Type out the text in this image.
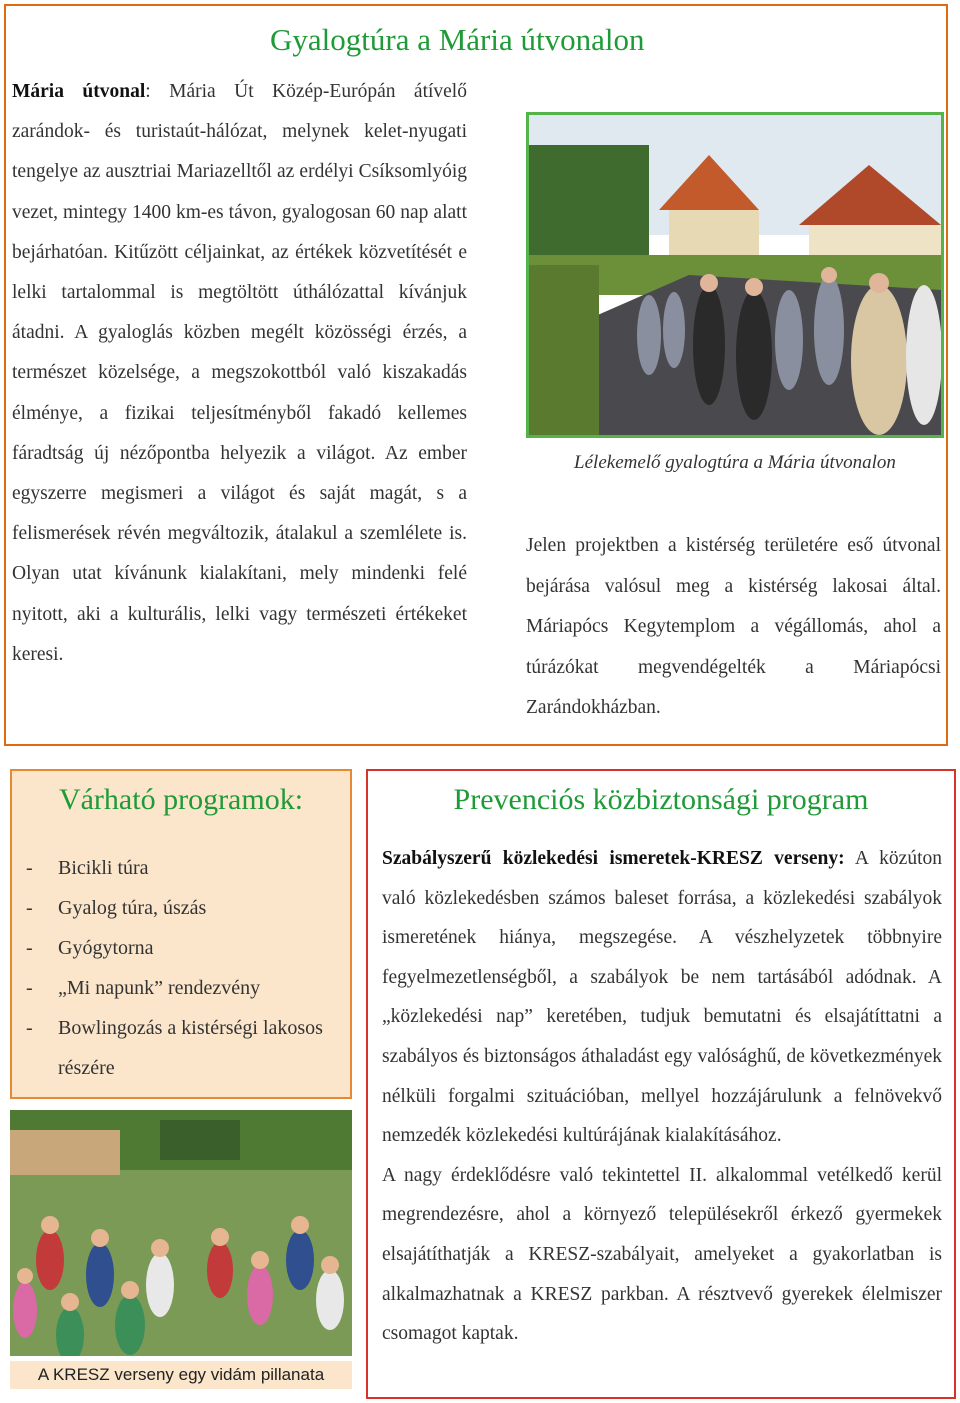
Gyalogtúra a Mária útvonalon
Mária útvonal: Mária Út Közép-Európán átívelő zarándok- és turistaút-hálózat, melynek kelet-nyugati tengelye az ausztriai Mariazelltől az erdélyi Csíksomlyóig vezet, mintegy 1400 km-es távon, gyalogosan 60 nap alatt bejárhatóan. Kitűzött céljainkat, az értékek közvetítését e lelki tartalommal is megtöltött úthálózattal kívánjuk átadni. A gyaloglás közben megélt közösségi érzés, a természet közelsége, a megszokottból való kiszakadás élménye, a fizikai teljesítményből fakadó kellemes fáradtság új nézőpontba helyezik a világot. Az ember egyszerre megismeri a világot és saját magát, s a felismerések révén megváltozik, átalakul a szemlélete is. Olyan utat kívánunk kialakítani, mely mindenki felé nyitott, aki a kulturális, lelki vagy természeti értékeket keresi.
Lélekemelő gyalogtúra a Mária útvonalon
Jelen projektben a kistérség területére eső útvonal bejárása valósul meg a kistérség lakosai által. Máriapócs Kegytemplom a végállomás, ahol a túrázókat megvendégelték a Máriapócsi Zarándokházban.
Várható programok:
-	Bicikli túra
-	Gyalog túra, úszás
-	Gyógytorna
-	„Mi napunk” rendezvény
-	Bowlingozás a kistérségi lakosos részére
A KRESZ verseny egy vidám pillanata
Prevenciós közbiztonsági program

Szabályszerű közlekedési ismeretek-KRESZ verseny: A közúton való közlekedésben számos baleset forrása, a közlekedési szabályok ismeretének hiánya, megszegése. A vészhelyzetek többnyire fegyelmezetlenségből, a szabályok be nem tartásából adódnak. A „közlekedési nap” keretében, tudjuk bemutatni és elsajátíttatni a szabályos és biztonságos áthaladást egy valósághű, de következmények nélküli forgalmi szituációban, mellyel hozzájárulunk a felnövekvő nemzedék közlekedési kultúrájának kialakításához.

A nagy érdeklődésre való tekintettel II. alkalommal vetélkedő kerül megrendezésre, ahol a környező településekről érkező gyermekek elsajátíthatják a KRESZ-szabályait, amelyeket a gyakorlatban is alkalmazhatnak a KRESZ parkban. A résztvevő gyerekek élelmiszer csomagot kaptak.
